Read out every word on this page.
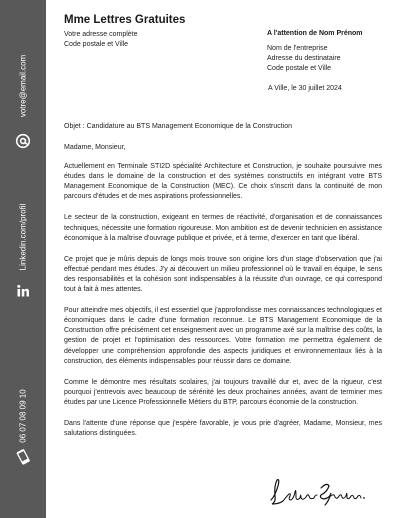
votre@email.com
Linkedin.com/profil
06 07 08 09 10
Mme Lettres Gratuites
Votre adresse complète
Code postale et Ville
A l'attention de Nom Prénom
Nom de l'entreprise
Adresse du destinataire
Code postale et Ville
A Ville, le 30 juillet 2024
Objet : Candidature au BTS Management Economique de la Construction

Madame, Monsieur,

Actuellement en Terminale STI2D spécialité Architecture et Construction, je souhaite poursuivre mes études dans le domaine de la construction et des systèmes constructifs en intégrant votre BTS Management Economique de la Construction (MEC). Ce choix s'inscrit dans la continuité de mon parcours d'études et de mes aspirations professionnelles.

Le secteur de la construction, exigeant en termes de réactivité, d'organisation et de connaissances techniques, nécessite une formation rigoureuse. Mon ambition est de devenir technicien en assistance économique à la maîtrise d'ouvrage publique et privée, et à terme, d'exercer en tant que libéral.

Ce projet que je mûris depuis de longs mois trouve son origine lors d'un stage d'observation que j'ai effectué pendant mes études. J'y ai découvert un milieu professionnel où le travail en équipe, le sens des responsabilités et la cohésion sont indispensables à la réussite d'un ouvrage, ce qui correspond tout à fait à mes attentes.

Pour atteindre mes objectifs, il est essentiel que j'approfondisse mes connaissances technologiques et économiques dans le cadre d'une formation reconnue. Le BTS Management Economique de la Construction offre précisément cet enseignement avec un programme axé sur la maîtrise des coûts, la gestion de projet et l'optimisation des ressources. Votre formation me permettra également de développer une compréhension approfondie des aspects juridiques et environnementaux liés à la construction, des éléments indispensables pour réussir dans ce domaine.

Comme le démontre mes résultats scolaires, j'ai toujours travaillé dur et, avec de la rigueur, c'est pourquoi j'entrevois avec beaucoup de sérénité les deux prochaines années, avant de terminer mes études par une Licence Professionnelle Métiers du BTP, parcours économie de la construction.

Dans l'attente d'une réponse que j'espère favorable, je vous prie d'agréer, Madame, Monsieur, mes salutations distinguées.
